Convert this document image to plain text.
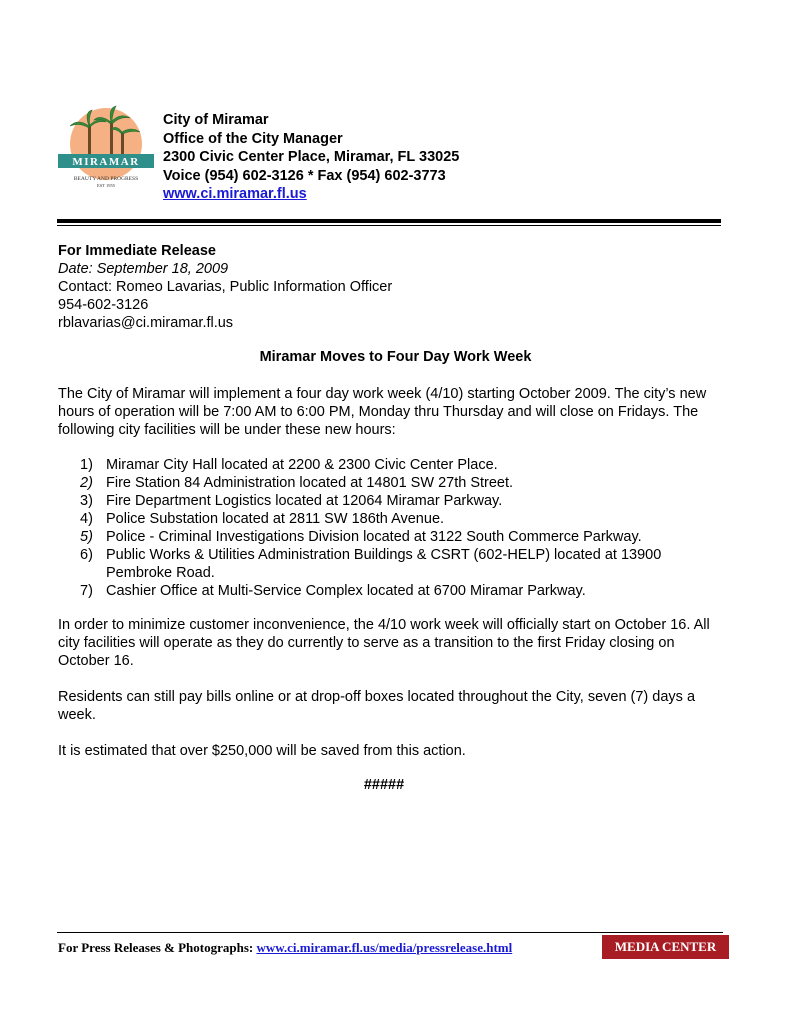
MIRAMAR
BEAUTY AND PROGRESS
EST 1955
City of Miramar
Office of the City Manager
2300 Civic Center Place, Miramar, FL 33025
Voice (954) 602-3126 * Fax (954) 602-3773
www.ci.miramar.fl.us
For Immediate Release
Date: September 18, 2009
Contact: Romeo Lavarias, Public Information Officer
954-602-3126
rblavarias@ci.miramar.fl.us
Miramar Moves to Four Day Work Week

The City of Miramar will implement a four day work week (4/10) starting October 2009. The city’s new hours of operation will be 7:00 AM to 6:00 PM, Monday thru Thursday and will close on Fridays. The following city facilities will be under these new hours:

1) Miramar City Hall located at 2200 & 2300 Civic Center Place.
2) Fire Station 84 Administration located at 14801 SW 27th Street.
3) Fire Department Logistics located at 12064 Miramar Parkway.
4) Police Substation located at 2811 SW 186th Avenue.
5) Police - Criminal Investigations Division located at 3122 South Commerce Parkway.
6) Public Works & Utilities Administration Buildings & CSRT (602-HELP) located at 13900 Pembroke Road.
7) Cashier Office at Multi-Service Complex located at 6700 Miramar Parkway.

In order to minimize customer inconvenience, the 4/10 work week will officially start on October 16. All city facilities will operate as they do currently to serve as a transition to the first Friday closing on October 16.

Residents can still pay bills online or at drop-off boxes located throughout the City, seven (7) days a week.

It is estimated that over $250,000 will be saved from this action.

#####
For Press Releases & Photographs: www.ci.miramar.fl.us/media/pressrelease.html	MEDIA CENTER
